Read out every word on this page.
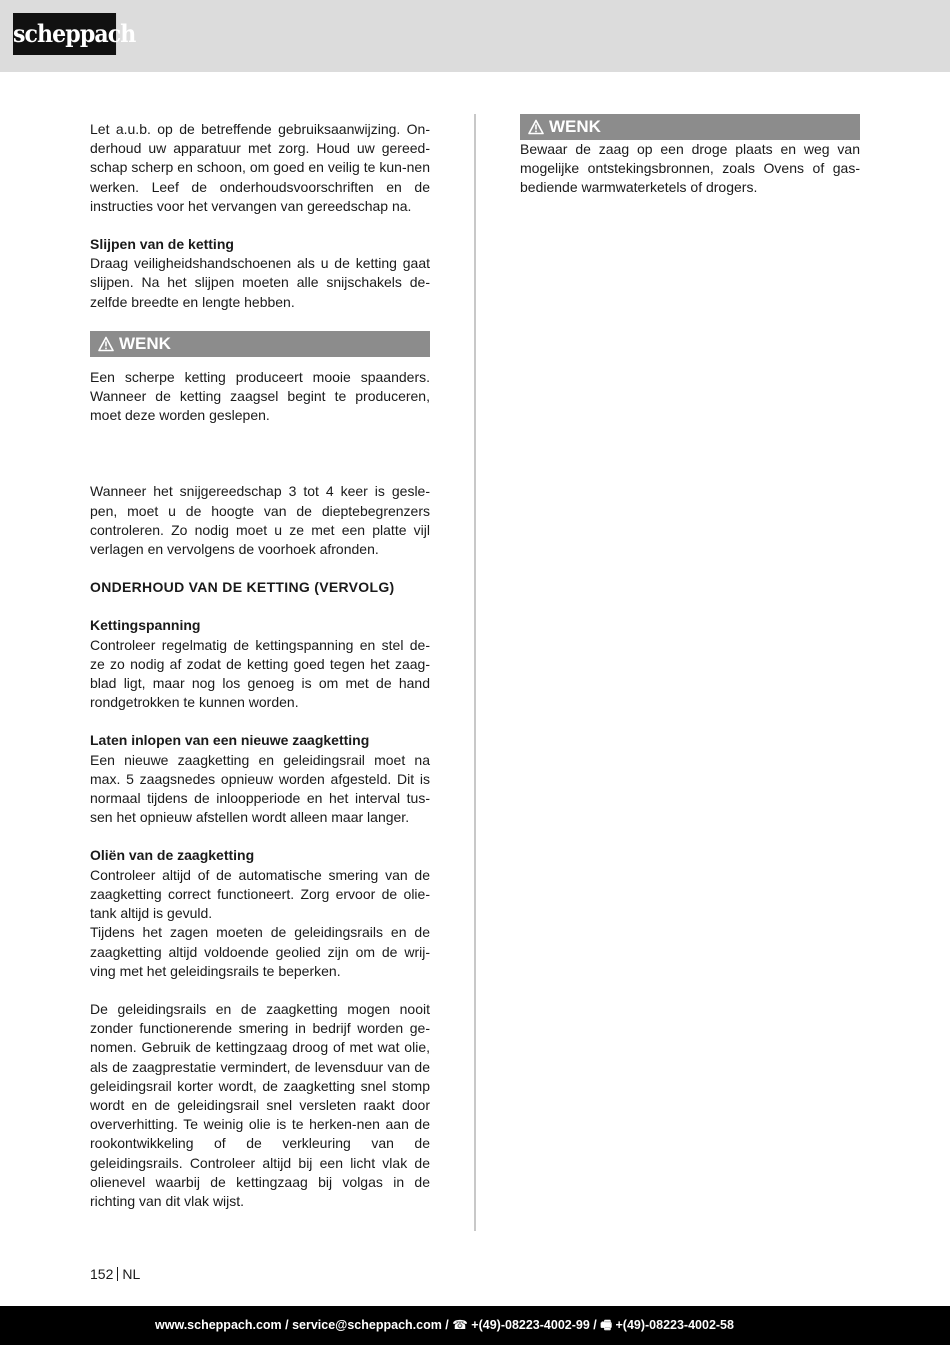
scheppach

Let a.u.b. op de betreffende gebruiksaanwijzing. On-derhoud uw apparatuur met zorg. Houd uw gereed-schap scherp en schoon, om goed en veilig te kun-nen werken. Leef de onderhoudsvoorschriften en de instructies voor het vervangen van gereedschap na.

Slijpen van de ketting
Draag veiligheidshandschoenen als u de ketting gaat slijpen. Na het slijpen moeten alle snijschakels de-zelfde breedte en lengte hebben.

WENK

Een scherpe ketting produceert mooie spaanders. Wanneer de ketting zaagsel begint te produceren, moet deze worden geslepen.

Wanneer het snijgereedschap 3 tot 4 keer is gesle-pen, moet u de hoogte van de dieptebegrenzers controleren. Zo nodig moet u ze met een platte vijl verlagen en vervolgens de voorhoek afronden.

ONDERHOUD VAN DE KETTING (VERVOLG)

Kettingspanning
Controleer regelmatig de kettingspanning en stel de-ze zo nodig af zodat de ketting goed tegen het zaag-blad ligt, maar nog los genoeg is om met de hand rondgetrokken te kunnen worden.

Laten inlopen van een nieuwe zaagketting
Een nieuwe zaagketting en geleidingsrail moet na max. 5 zaagsnedes opnieuw worden afgesteld. Dit is normaal tijdens de inloopperiode en het interval tus-sen het opnieuw afstellen wordt alleen maar langer.

Oliën van de zaagketting
Controleer altijd of de automatische smering van de zaagketting correct functioneert. Zorg ervoor de olie-tank altijd is gevuld.

Tijdens het zagen moeten de geleidingsrails en de zaagketting altijd voldoende geolied zijn om de wrij-ving met het geleidingsrails te beperken.

De geleidingsrails en de zaagketting mogen nooit zonder functionerende smering in bedrijf worden ge-nomen. Gebruik de kettingzaag droog of met wat olie, als de zaagprestatie vermindert, de levensduur van de geleidingsrail korter wordt, de zaagketting snel stomp wordt en de geleidingsrail snel versleten raakt door oververhitting. Te weinig olie is te herken-nen aan de rookontwikkeling of de verkleuring van de geleidingsrails. Controleer altijd bij een licht vlak de olienevel waarbij de kettingzaag bij volgas in de richting van dit vlak wijst.

WENK

Bewaar de zaag op een droge plaats en weg van mogelijke ontstekingsbronnen, zoals Ovens of gas-bediende warmwaterketels of drogers.

152 NL
www.scheppach.com / service@scheppach.com / ☎ +(49)-08223-4002-99 / 🖷 +(49)-08223-4002-58
